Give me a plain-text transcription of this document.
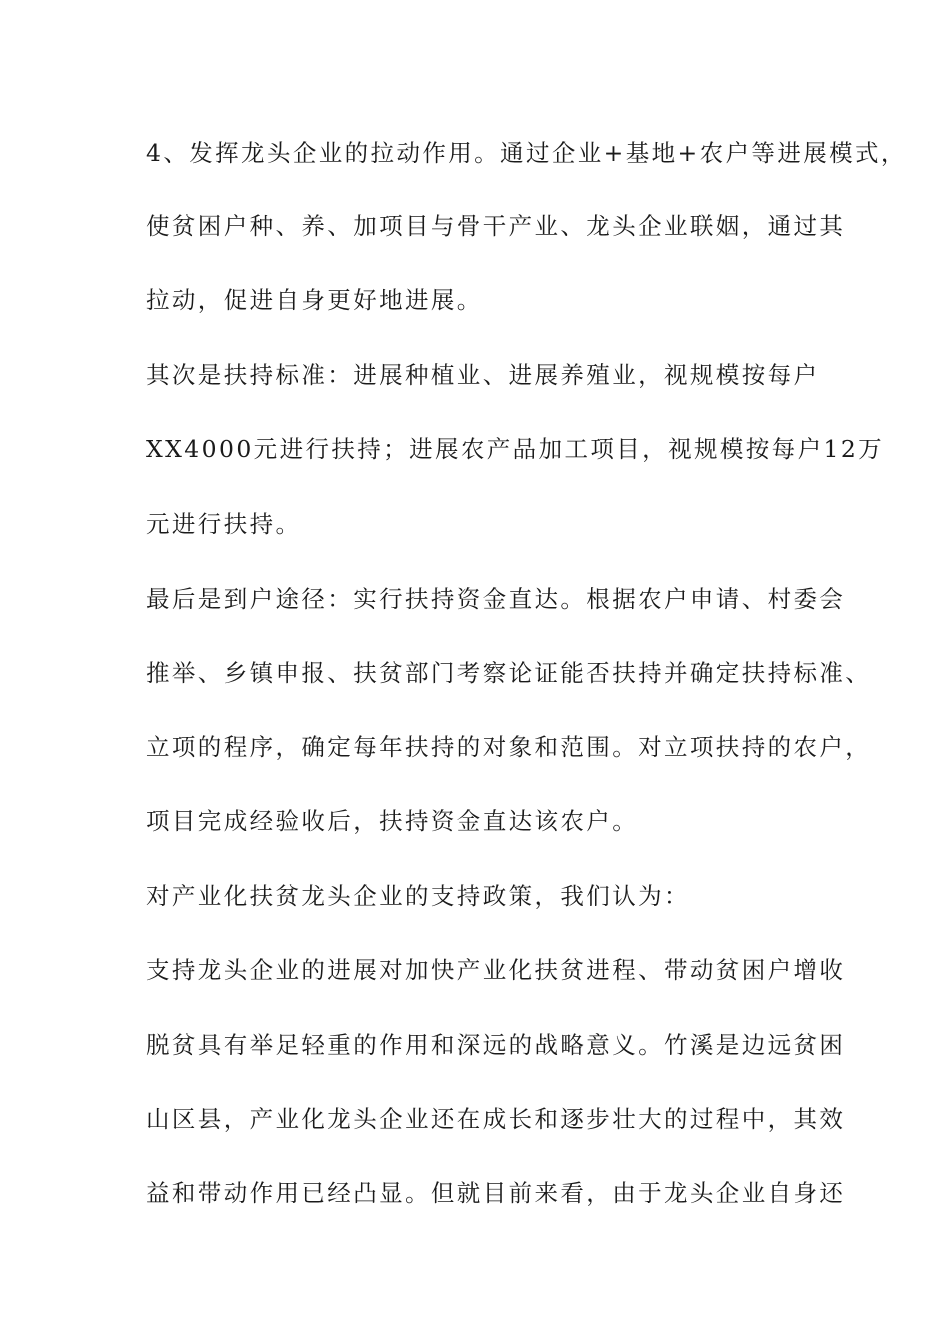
4、发挥龙头企业的拉动作用。通过企业+基地+农户等进展模式，

使贫困户种、养、加项目与骨干产业、龙头企业联姻，通过其

拉动，促进自身更好地进展。

其次是扶持标准：进展种植业、进展养殖业，视规模按每户

XX4000元进行扶持；进展农产品加工项目，视规模按每户12万

元进行扶持。

最后是到户途径：实行扶持资金直达。根据农户申请、村委会

推举、乡镇申报、扶贫部门考察论证能否扶持并确定扶持标准、

立项的程序，确定每年扶持的对象和范围。对立项扶持的农户，

项目完成经验收后，扶持资金直达该农户。

对产业化扶贫龙头企业的支持政策，我们认为：

支持龙头企业的进展对加快产业化扶贫进程、带动贫困户增收

脱贫具有举足轻重的作用和深远的战略意义。竹溪是边远贫困

山区县，产业化龙头企业还在成长和逐步壮大的过程中，其效

益和带动作用已经凸显。但就目前来看，由于龙头企业自身还
